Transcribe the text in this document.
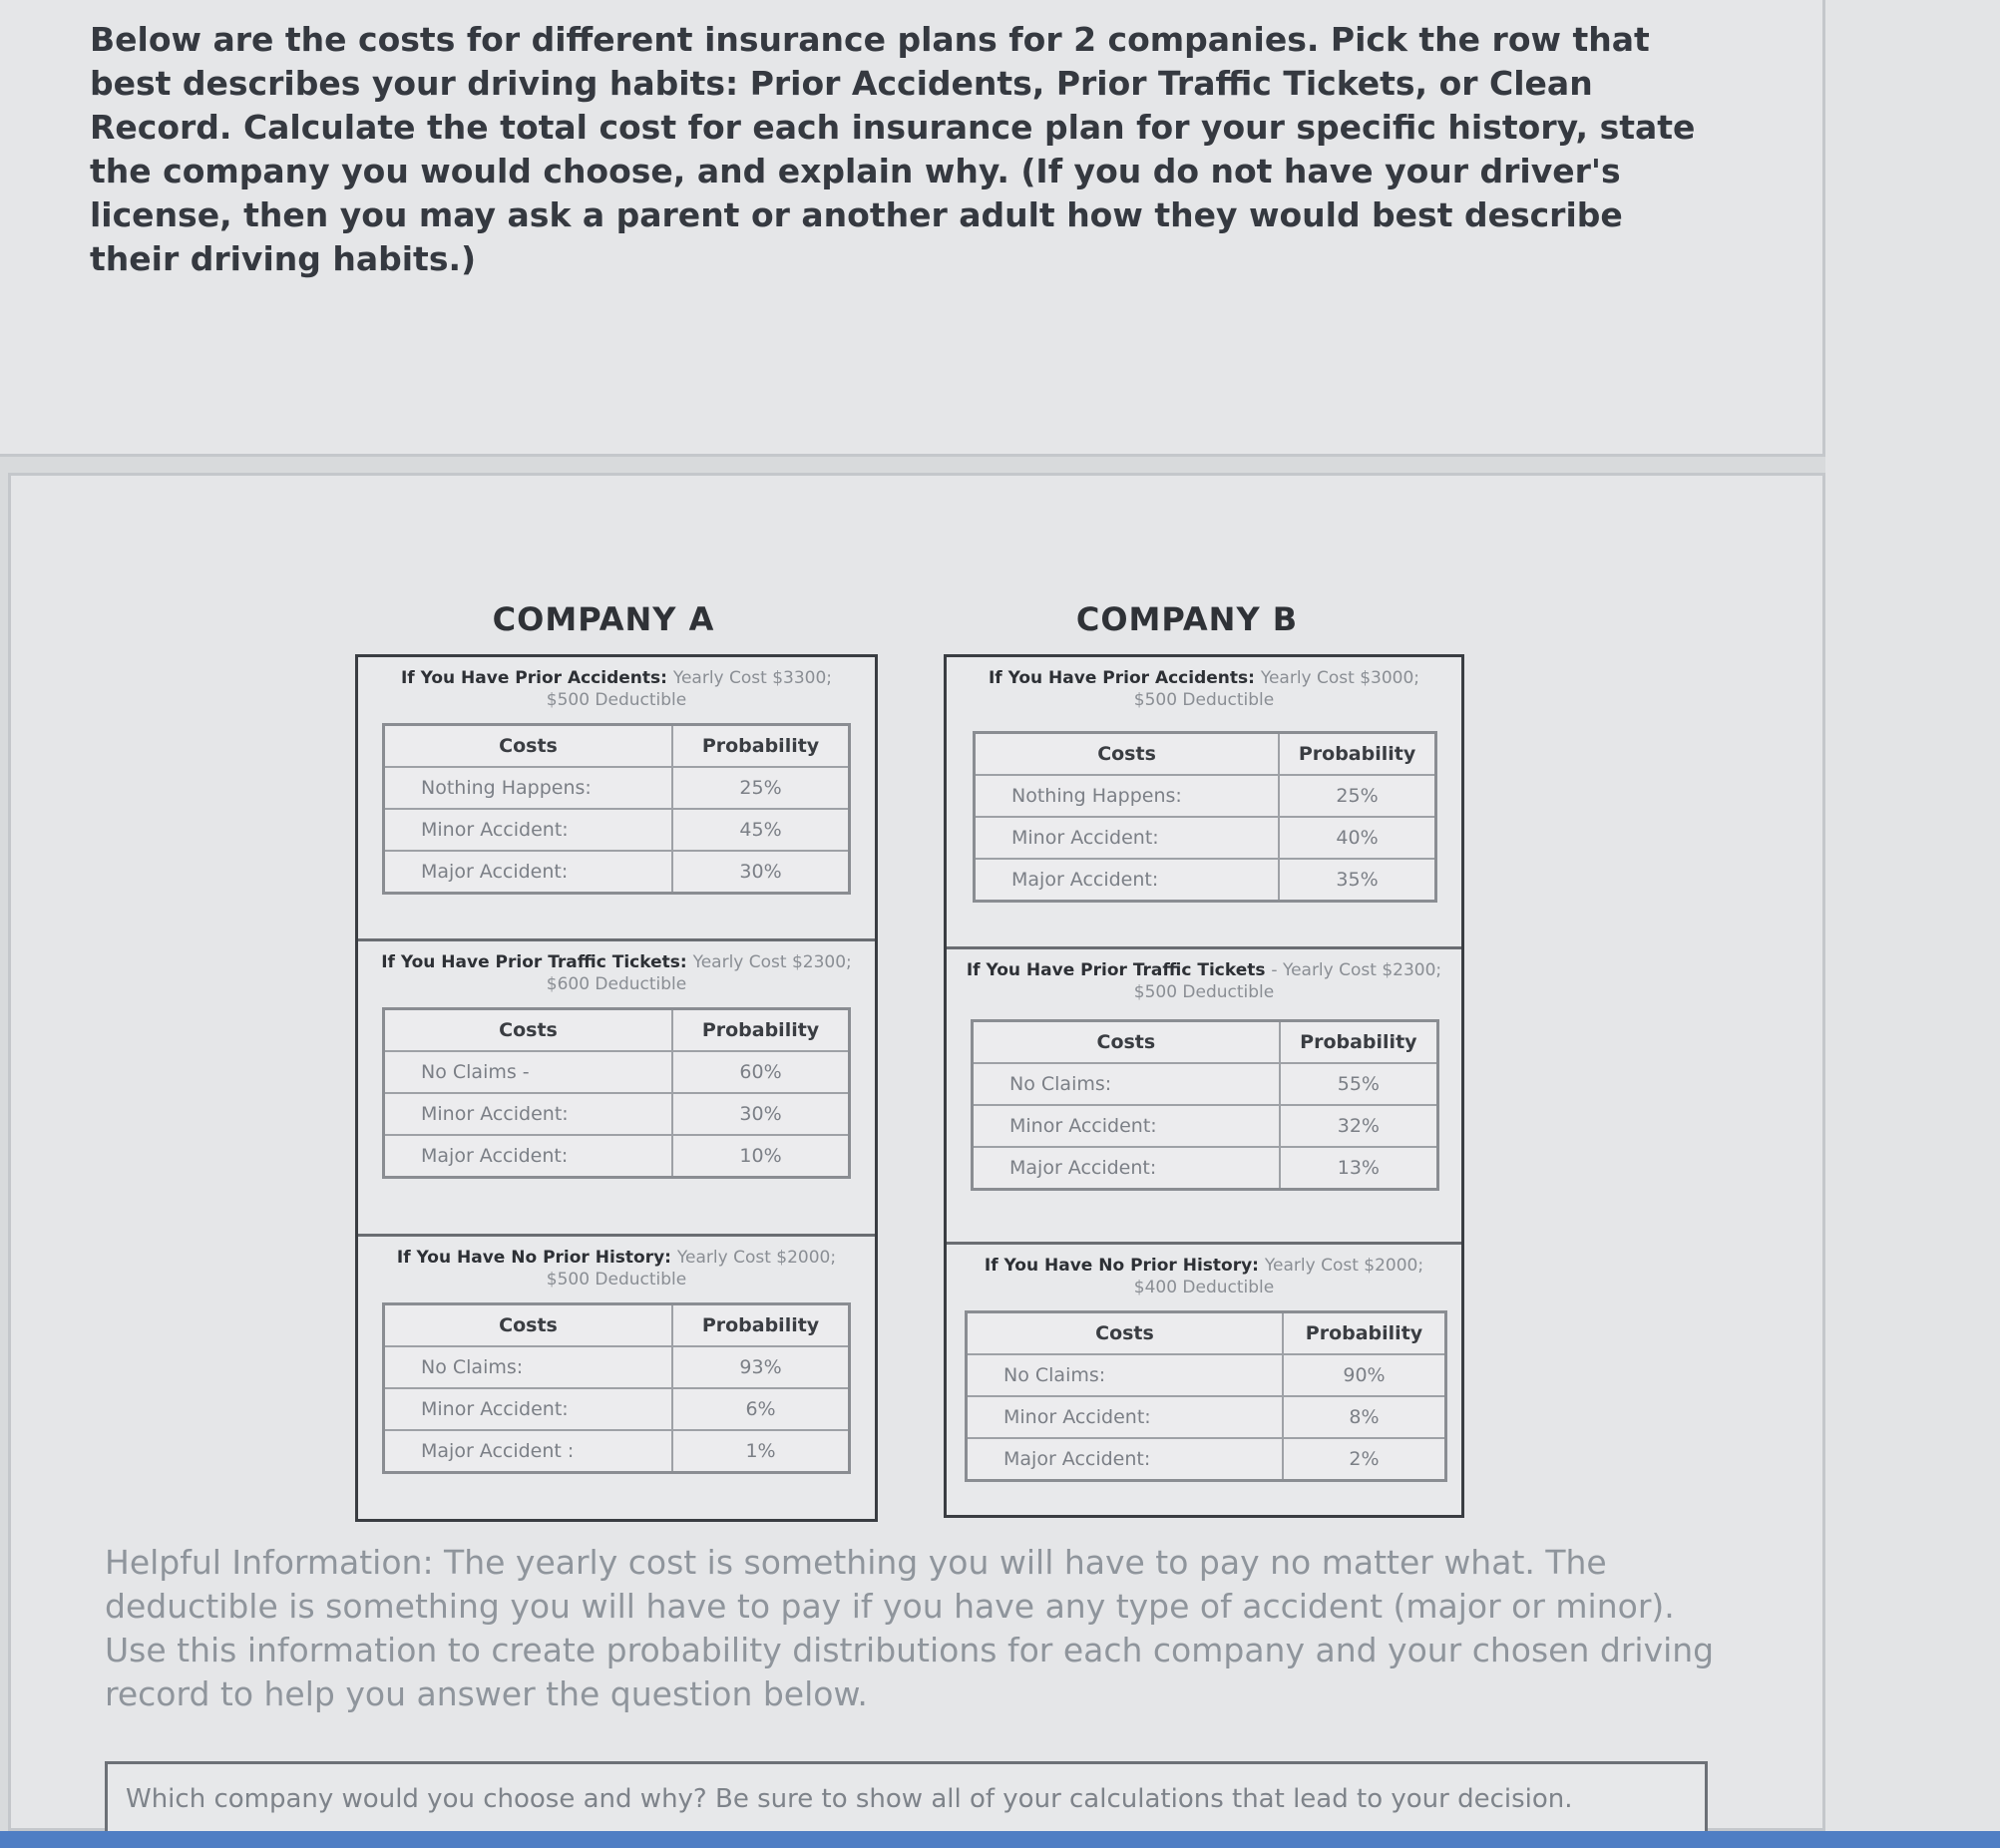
Below are the costs for different insurance plans for 2 companies. Pick the row that best describes your driving habits: Prior Accidents, Prior Traffic Tickets, or Clean Record. Calculate the total cost for each insurance plan for your specific history, state the company you would choose, and explain why. (If you do not have your driver's license, then you may ask a parent or another adult how they would best describe their driving habits.)
COMPANY A
If You Have Prior Accidents: Yearly Cost $3300;
$500 Deductible
Costs	Probability
Nothing Happens:	25%
Minor Accident:	45%
Major Accident:	30%
If You Have Prior Traffic Tickets: Yearly Cost $2300;
$600 Deductible
Costs	Probability
No Claims -	60%
Minor Accident:	30%
Major Accident:	10%
If You Have No Prior History: Yearly Cost $2000;
$500 Deductible
Costs	Probability
No Claims:	93%
Minor Accident:	6%
Major Accident :	1%
COMPANY B
If You Have Prior Accidents: Yearly Cost $3000;
$500 Deductible
Costs	Probability
Nothing Happens:	25%
Minor Accident:	40%
Major Accident:	35%
If You Have Prior Traffic Tickets - Yearly Cost $2300;
$500 Deductible
Costs	Probability
No Claims:	55%
Minor Accident:	32%
Major Accident:	13%
If You Have No Prior History: Yearly Cost $2000;
$400 Deductible
Costs	Probability
No Claims:	90%
Minor Accident:	8%
Major Accident:	2%
Helpful Information: The yearly cost is something you will have to pay no matter what. The deductible is something you will have to pay if you have any type of accident (major or minor). Use this information to create probability distributions for each company and your chosen driving record to help you answer the question below.
Which company would you choose and why? Be sure to show all of your calculations that lead to your decision.
